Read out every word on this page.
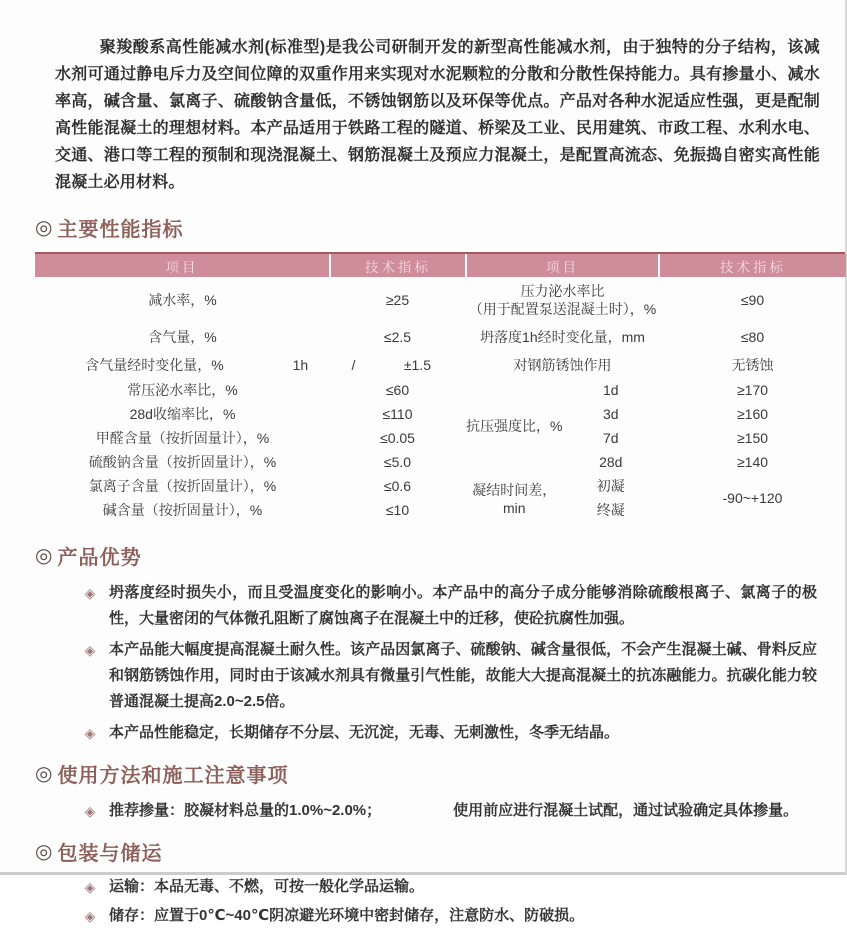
聚羧酸系高性能减水剂(标准型)是我公司研制开发的新型高性能减水剂，由于独特的分子结构，该减水剂可通过静电斥力及空间位障的双重作用来实现对水泥颗粒的分散和分散性保持能力。具有掺量小、减水率高，碱含量、氯离子、硫酸钠含量低，不锈蚀钢筋以及环保等优点。产品对各种水泥适应性强，更是配制高性能混凝土的理想材料。本产品适用于铁路工程的隧道、桥梁及工业、民用建筑、市政工程、水利水电、交通、港口等工程的预制和现浇混凝土、钢筋混凝土及预应力混凝土，是配置高流态、免振捣自密实高性能混凝土必用材料。

◎ 主要性能指标
项目	技术指标
减水率，%	≥25
含气量，%	≤2.5

含气量经时变化量，% 1h / ±1.5	

常压泌水率比，%	≤60
28d收缩率比，%	≤110
甲醛含量（按折固量计），%	≤0.05
硫酸钠含量（按折固量计），%	≤5.0
氯离子含量（按折固量计），%	≤0.6
碱含量（按折固量计），%	≤10
项目		技术指标

压力泌水率比
（用于配置泵送混凝土时），%		≤90
坍落度1h经时变化量，mm		≤80
对钢筋锈蚀作用		无锈蚀
抗压强度比，%	1d	≥170
	3d	≥160
	7d	≥150
	28d	≥140
凝结时间差，min	初凝	-90~+120
	终凝	
◎ 产品优势
◈ 坍落度经时损失小，而且受温度变化的影响小。本产品中的高分子成分能够消除硫酸根离子、氯离子的极性，大量密闭的气体微孔阻断了腐蚀离子在混凝土中的迁移，使砼抗腐性加强。
◈ 本产品能大幅度提高混凝土耐久性。该产品因氯离子、硫酸钠、碱含量很低，不会产生混凝土碱、骨料反应和钢筋锈蚀作用，同时由于该减水剂具有微量引气性能，故能大大提高混凝土的抗冻融能力。抗碳化能力较普通混凝土提高2.0~2.5倍。
◈ 本产品性能稳定，长期储存不分层、无沉淀，无毒、无刺激性，冬季无结晶。
◎ 使用方法和施工注意事项
◈ 推荐掺量：胶凝材料总量的1.0%~2.0%；	使用前应进行混凝土试配，通过试验确定具体掺量。
◎ 包装与储运
◈ 运输：本品无毒、不燃，可按一般化学品运输。
◈ 储存：应置于0℃~40℃阴凉避光环境中密封储存，注意防水、防破损。
